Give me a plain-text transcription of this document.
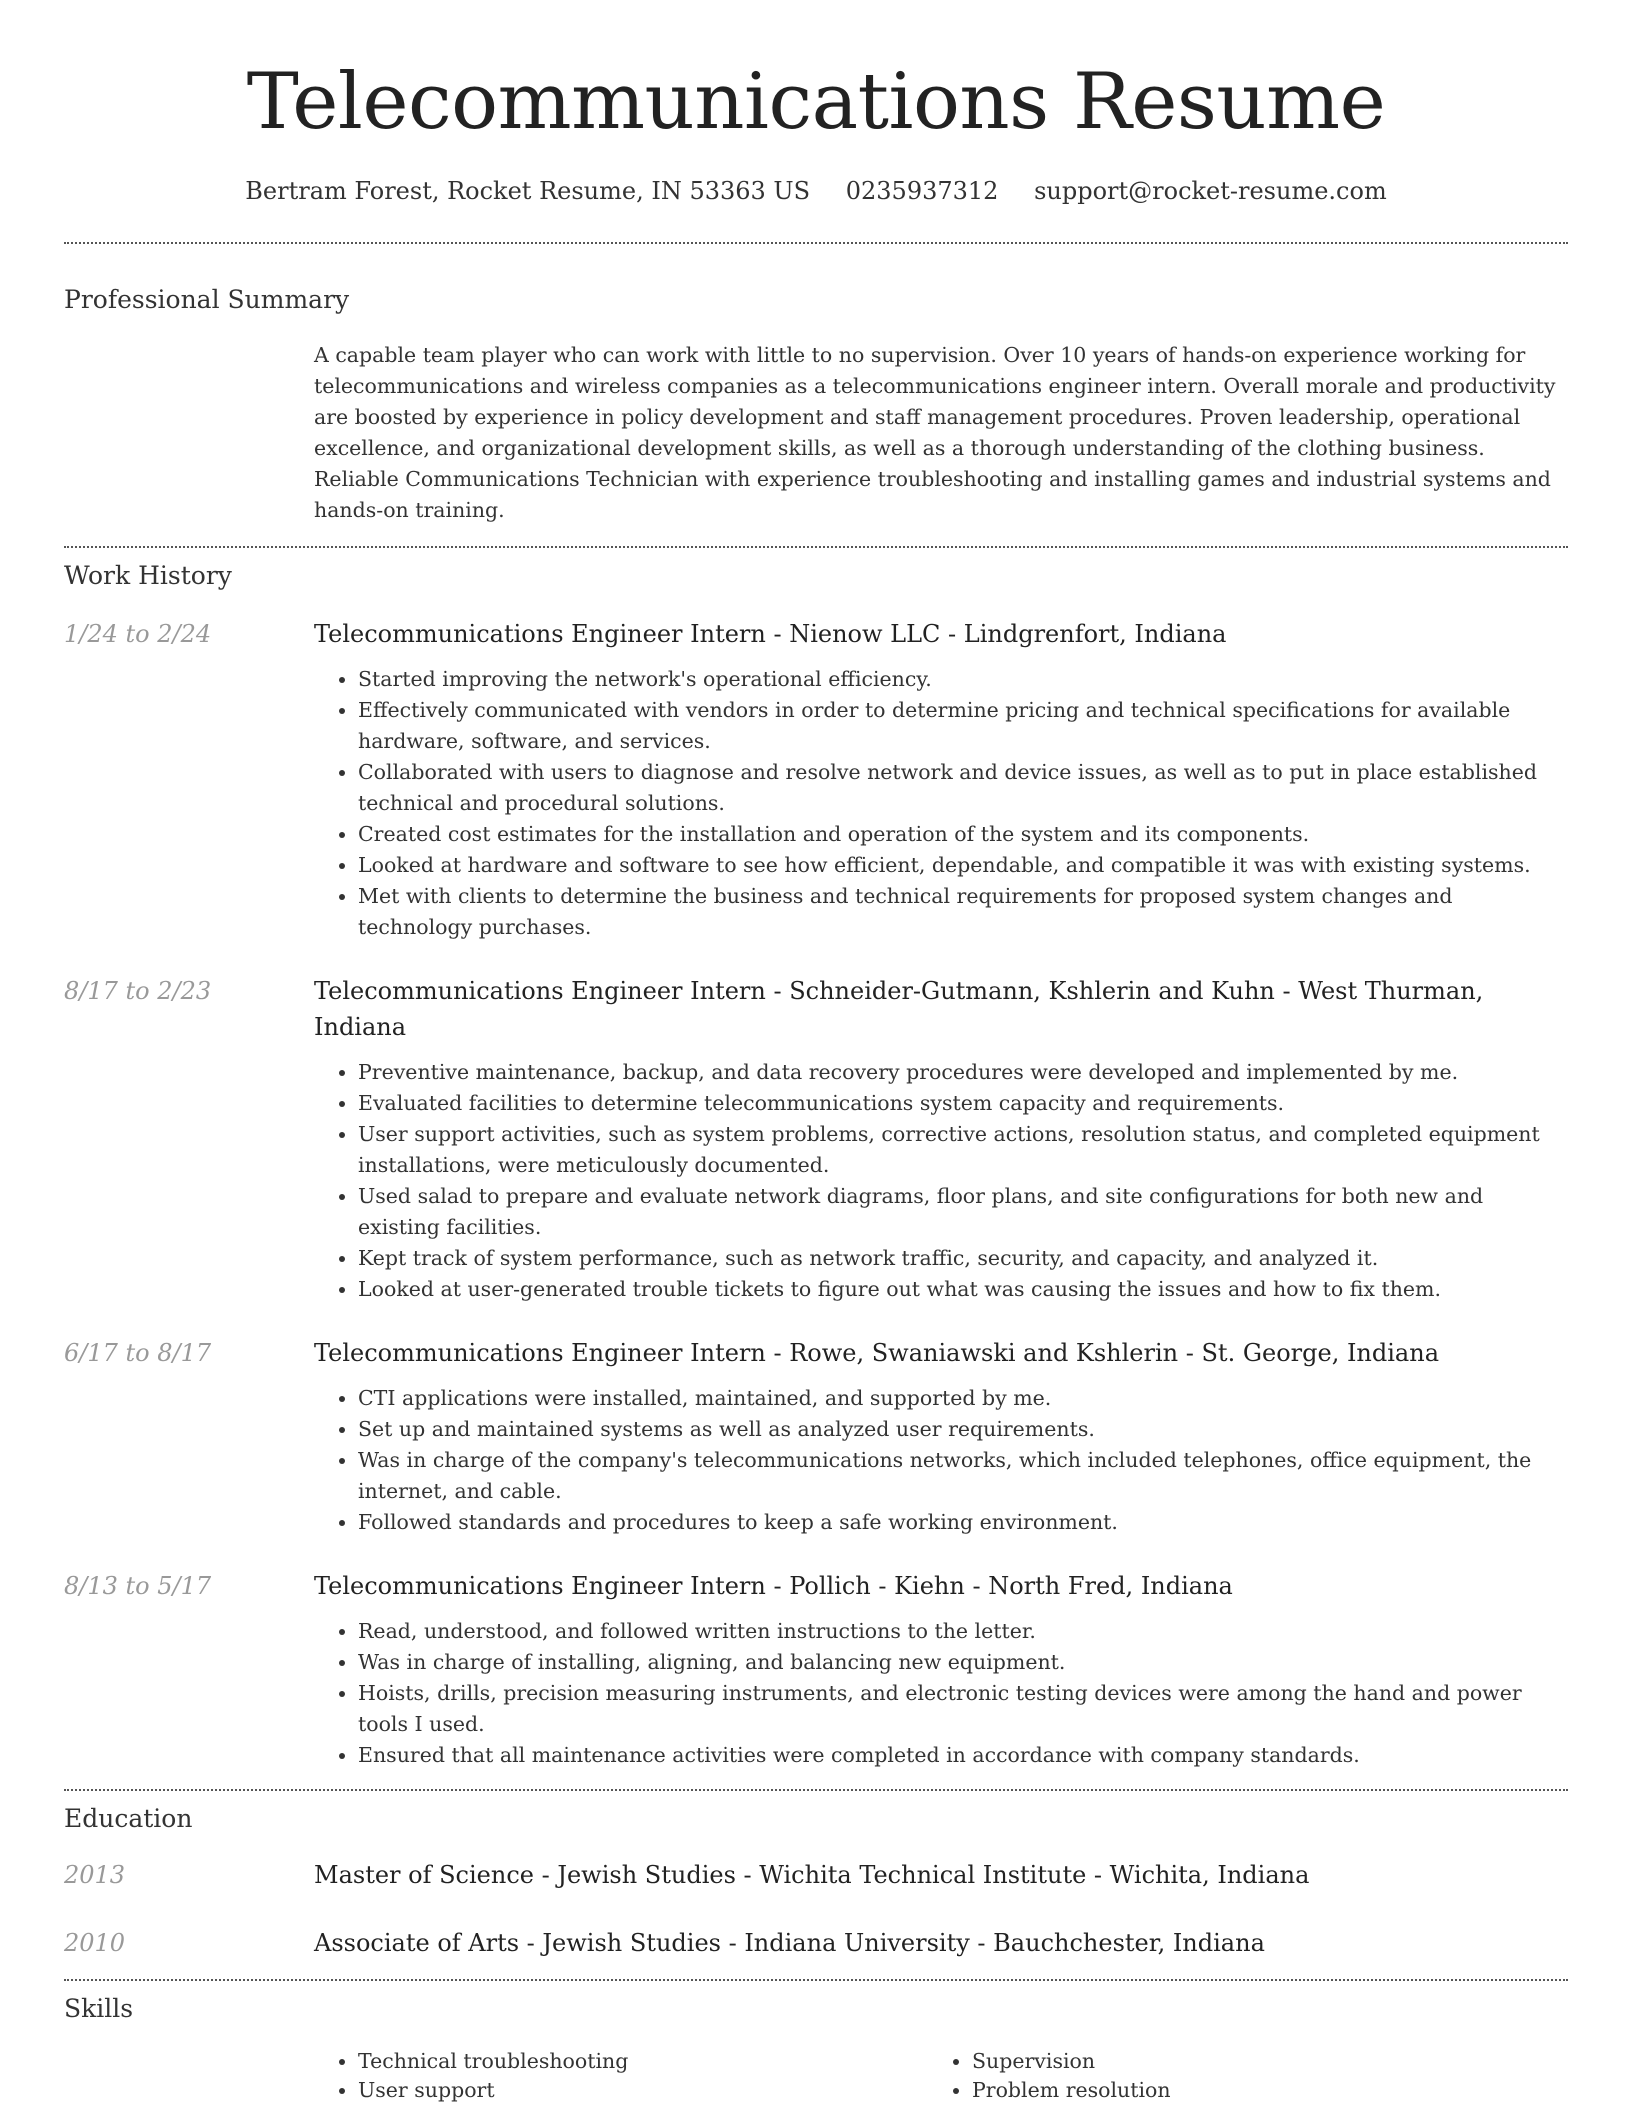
Telecommunications Resume
Bertram Forest, Rocket Resume, IN 53363 US 0235937312 support@rocket-resume.com
Professional Summary

A capable team player who can work with little to no supervision. Over 10 years of hands-on experience working for telecommunications and wireless companies as a telecommunications engineer intern. Overall morale and productivity are boosted by experience in policy development and staff management procedures. Proven leadership, operational excellence, and organizational development skills, as well as a thorough understanding of the clothing business. Reliable Communications Technician with experience troubleshooting and installing games and industrial systems and hands-on training.

Work History
1/24 to 2/24	Telecommunications Engineer Intern - Nienow LLC - Lindgrenfort, Indiana
• Started improving the network's operational efficiency.
• Effectively communicated with vendors in order to determine pricing and technical specifications for available hardware, software, and services.
• Collaborated with users to diagnose and resolve network and device issues, as well as to put in place established technical and procedural solutions.
• Created cost estimates for the installation and operation of the system and its components.
• Looked at hardware and software to see how efficient, dependable, and compatible it was with existing systems.
• Met with clients to determine the business and technical requirements for proposed system changes and technology purchases.
8/17 to 2/23	Telecommunications Engineer Intern - Schneider-Gutmann, Kshlerin and Kuhn - West Thurman, Indiana
• Preventive maintenance, backup, and data recovery procedures were developed and implemented by me.
• Evaluated facilities to determine telecommunications system capacity and requirements.
• User support activities, such as system problems, corrective actions, resolution status, and completed equipment installations, were meticulously documented.
• Used salad to prepare and evaluate network diagrams, floor plans, and site configurations for both new and existing facilities.
• Kept track of system performance, such as network traffic, security, and capacity, and analyzed it.
• Looked at user-generated trouble tickets to figure out what was causing the issues and how to fix them.
6/17 to 8/17	Telecommunications Engineer Intern - Rowe, Swaniawski and Kshlerin - St. George, Indiana
• CTI applications were installed, maintained, and supported by me.
• Set up and maintained systems as well as analyzed user requirements.
• Was in charge of the company's telecommunications networks, which included telephones, office equipment, the internet, and cable.
• Followed standards and procedures to keep a safe working environment.
8/13 to 5/17	Telecommunications Engineer Intern - Pollich - Kiehn - North Fred, Indiana
• Read, understood, and followed written instructions to the letter.
• Was in charge of installing, aligning, and balancing new equipment.
• Hoists, drills, precision measuring instruments, and electronic testing devices were among the hand and power tools I used.
• Ensured that all maintenance activities were completed in accordance with company standards.
Education
2013	Master of Science - Jewish Studies - Wichita Technical Institute - Wichita, Indiana
2010	Associate of Arts - Jewish Studies - Indiana University - Bauchchester, Indiana
Skills
• Technical troubleshooting
• User support
• Supervision
• Problem resolution
